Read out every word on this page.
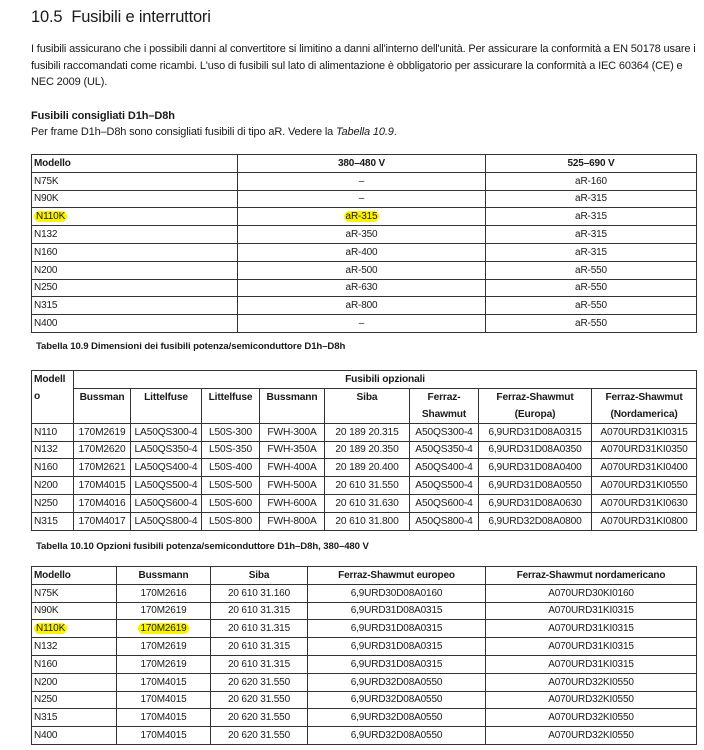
10.5 Fusibili e interruttori

I fusibili assicurano che i possibili danni al convertitore si limitino a danni all'interno dell'unità. Per assicurare la conformità a EN 50178 usare i fusibili raccomandati come ricambi. L'uso di fusibili sul lato di alimentazione è obbligatorio per assicurare la conformità a IEC 60364 (CE) e NEC 2009 (UL).

Fusibili consigliati D1h–D8h

Per frame D1h–D8h sono consigliati fusibili di tipo aR. Vedere la Tabella 10.9.

Modello	380–480 V	525–690 V
N75K	–	aR-160
N90K	–	aR-315
N110K	aR-315	aR-315
N132	aR-350	aR-315
N160	aR-400	aR-315
N200	aR-500	aR-550
N250	aR-630	aR-550
N315	aR-800	aR-550
N400	–	aR-550

Tabella 10.9 Dimensioni dei fusibili potenza/semiconduttore D1h–D8h

Modell o	Fusibili opzionali							
	Bussman	Littelfuse	Littelfuse	Bussmann	Siba	Ferraz-Shawmut	Ferraz-Shawmut (Europa)	Ferraz-Shawmut (Nordamerica)
N110	170M2619	LA50QS300-4	L50S-300	FWH-300A	20 189 20.315	A50QS300-4	6,9URD31D08A0315	A070URD31KI0315
N132	170M2620	LA50QS350-4	L50S-350	FWH-350A	20 189 20.350	A50QS350-4	6,9URD31D08A0350	A070URD31KI0350
N160	170M2621	LA50QS400-4	L50S-400	FWH-400A	20 189 20.400	A50QS400-4	6,9URD31D08A0400	A070URD31KI0400
N200	170M4015	LA50QS500-4	L50S-500	FWH-500A	20 610 31.550	A50QS500-4	6,9URD31D08A0550	A070URD31KI0550
N250	170M4016	LA50QS600-4	L50S-600	FWH-600A	20 610 31.630	A50QS600-4	6,9URD31D08A0630	A070URD31KI0630
N315	170M4017	LA50QS800-4	L50S-800	FWH-800A	20 610 31.800	A50QS800-4	6,9URD32D08A0800	A070URD31KI0800

Tabella 10.10 Opzioni fusibili potenza/semiconduttore D1h–D8h, 380–480 V

Modello	Bussmann	Siba	Ferraz-Shawmut europeo	Ferraz-Shawmut nordamericano
N75K	170M2616	20 610 31.160	6,9URD30D08A0160	A070URD30KI0160
N90K	170M2619	20 610 31.315	6,9URD31D08A0315	A070URD31KI0315
N110K	170M2619	20 610 31.315	6,9URD31D08A0315	A070URD31KI0315
N132	170M2619	20 610 31.315	6,9URD31D08A0315	A070URD31KI0315
N160	170M2619	20 610 31.315	6,9URD31D08A0315	A070URD31KI0315
N200	170M4015	20 620 31.550	6,9URD32D08A0550	A070URD32KI0550
N250	170M4015	20 620 31.550	6,9URD32D08A0550	A070URD32KI0550
N315	170M4015	20 620 31.550	6,9URD32D08A0550	A070URD32KI0550
N400	170M4015	20 620 31.550	6,9URD32D08A0550	A070URD32KI0550
